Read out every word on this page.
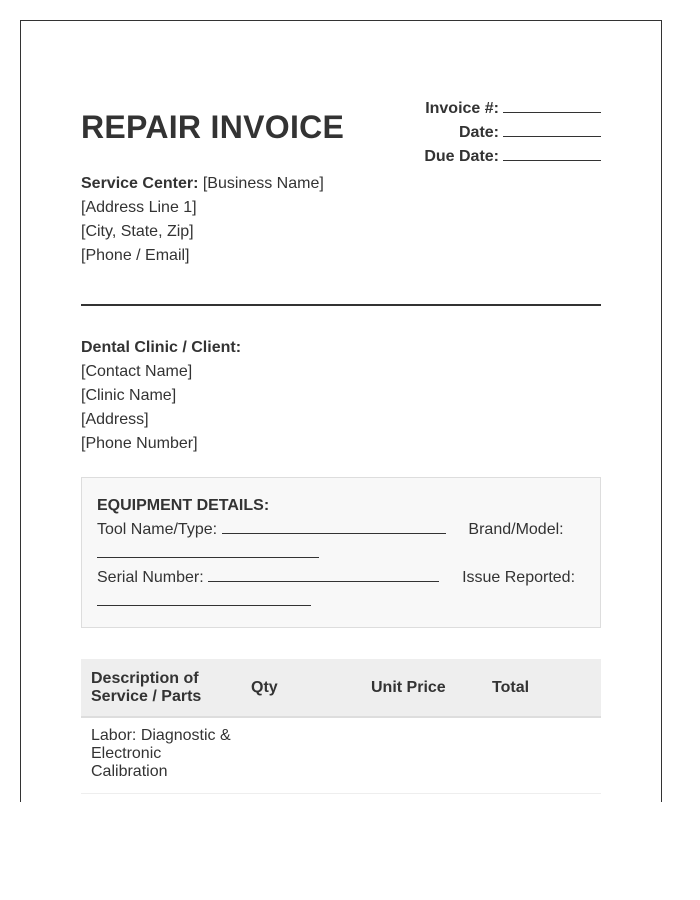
REPAIR INVOICE
Invoice #:
Date:
Due Date:
Service Center: [Business Name]
[Address Line 1]
[City, State, Zip]
[Phone / Email]
Dental Clinic / Client:
[Contact Name]
[Clinic Name]
[Address]
[Phone Number]
EQUIPMENT DETAILS:
Tool Name/Type:	Brand/Model:
Serial Number:	Issue Reported:
Description of Service / Parts	Qty	Unit Price	Total
Labor: Diagnostic & Electronic Calibration			
